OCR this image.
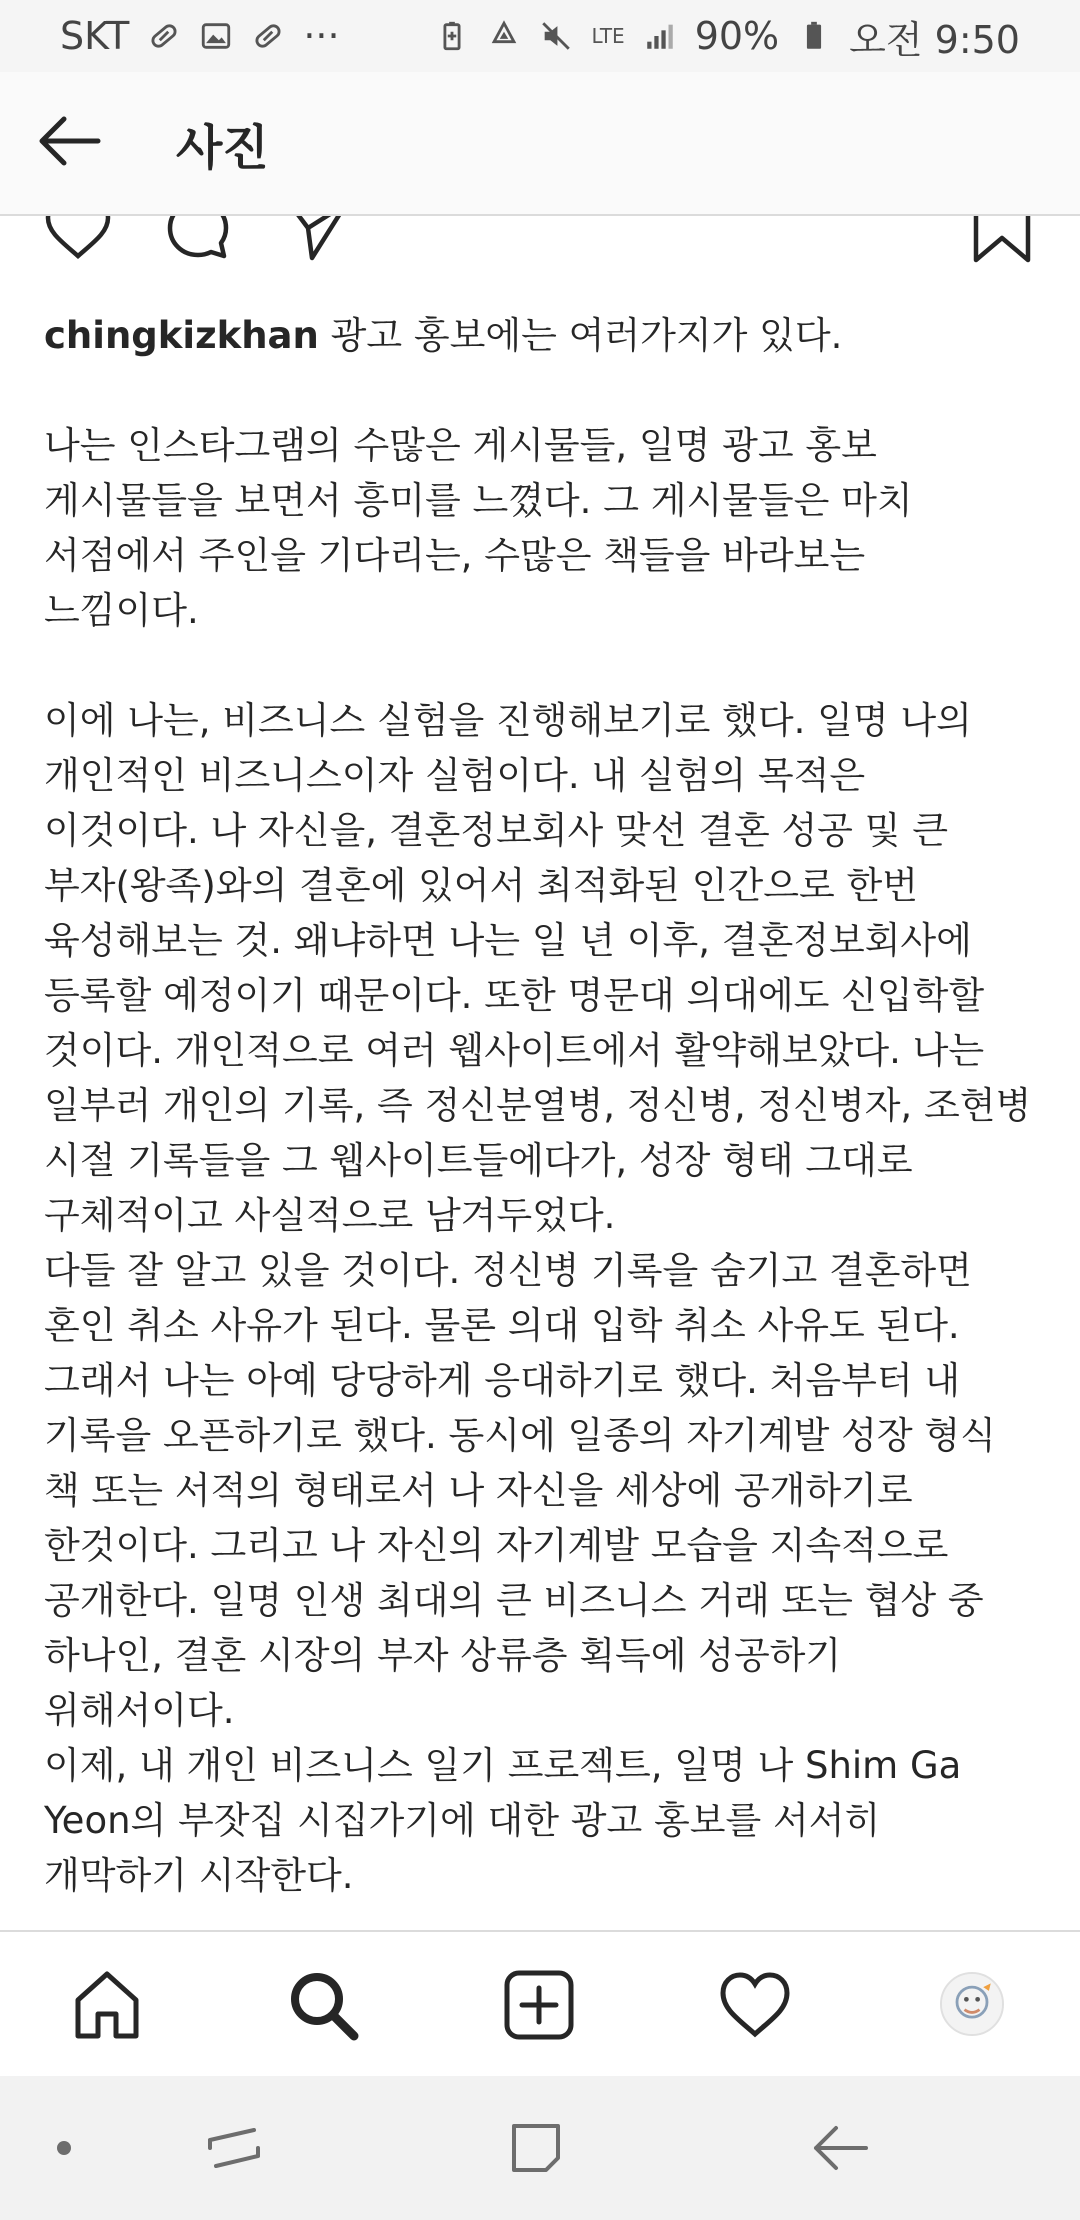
SKT	···	LTE 90% 오전 9:50
사진
chingkizkhan 광고 홍보에는 여러가지가 있다.

나는 인스타그램의 수많은 게시물들, 일명 광고 홍보
게시물들을 보면서 흥미를 느꼈다. 그 게시물들은 마치
서점에서 주인을 기다리는, 수많은 책들을 바라보는
느낌이다.

이에 나는, 비즈니스 실험을 진행해보기로 했다. 일명 나의
개인적인 비즈니스이자 실험이다. 내 실험의 목적은
이것이다. 나 자신을, 결혼정보회사 맞선 결혼 성공 및 큰
부자(왕족)와의 결혼에 있어서 최적화된 인간으로 한번
육성해보는 것. 왜냐하면 나는 일 년 이후, 결혼정보회사에
등록할 예정이기 때문이다. 또한 명문대 의대에도 신입학할
것이다. 개인적으로 여러 웹사이트에서 활약해보았다. 나는
일부러 개인의 기록, 즉 정신분열병, 정신병, 정신병자, 조현병
시절 기록들을 그 웹사이트들에다가, 성장 형태 그대로
구체적이고 사실적으로 남겨두었다.
다들 잘 알고 있을 것이다. 정신병 기록을 숨기고 결혼하면
혼인 취소 사유가 된다. 물론 의대 입학 취소 사유도 된다.
그래서 나는 아예 당당하게 응대하기로 했다. 처음부터 내
기록을 오픈하기로 했다. 동시에 일종의 자기계발 성장 형식
책 또는 서적의 형태로서 나 자신을 세상에 공개하기로
한것이다. 그리고 나 자신의 자기계발 모습을 지속적으로
공개한다. 일명 인생 최대의 큰 비즈니스 거래 또는 협상 중
하나인, 결혼 시장의 부자 상류층 획득에 성공하기
위해서이다.
이제, 내 개인 비즈니스 일기 프로젝트, 일명 나 Shim Ga
Yeon의 부잣집 시집가기에 대한 광고 홍보를 서서히
개막하기 시작한다.
